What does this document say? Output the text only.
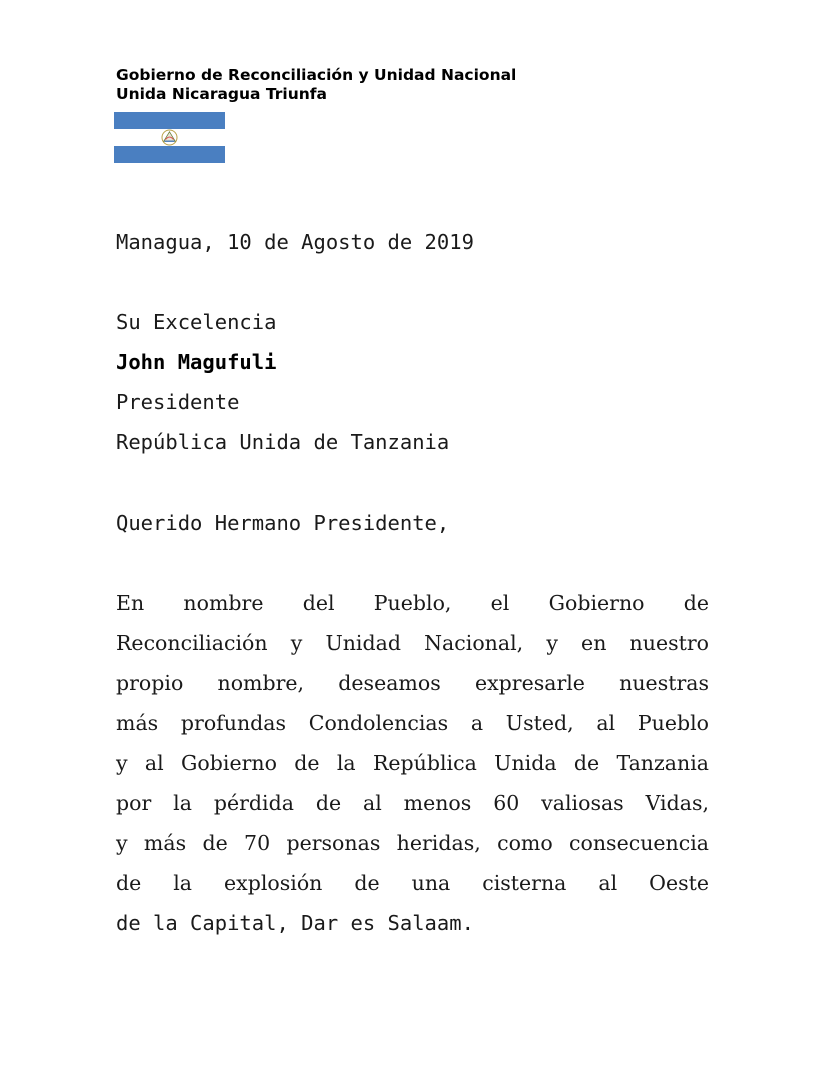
Gobierno de Reconciliación y Unidad Nacional
Unida Nicaragua Triunfa
Managua, 10 de Agosto de 2019
Su Excelencia
John Magufuli
Presidente
República Unida de Tanzania
Querido Hermano Presidente,
En nombre del Pueblo, el Gobierno de
Reconciliación y Unidad Nacional, y en nuestro
propio nombre, deseamos expresarle nuestras
más profundas Condolencias a Usted, al Pueblo
y al Gobierno de la República Unida de Tanzania
por la pérdida de al menos 60 valiosas Vidas,
y más de 70 personas heridas, como consecuencia
de la explosión de una cisterna al Oeste
de la Capital, Dar es Salaam.
